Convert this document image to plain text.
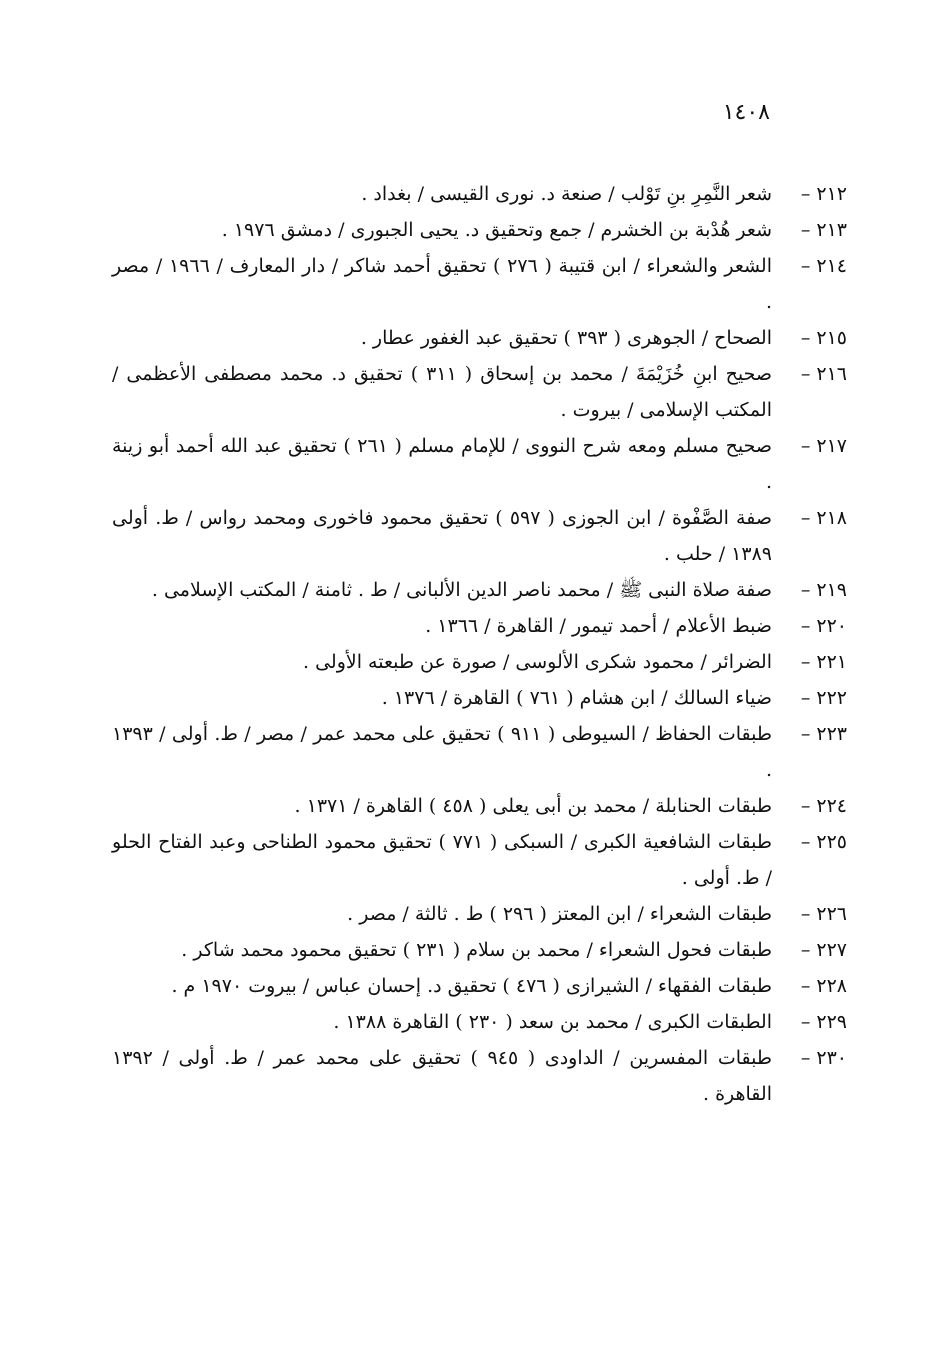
١٤٠٨

٢١٢ –
شعر النَّمِرِ بنِ تَوْلب / صنعة د. نورى القيسى / بغداد .

٢١٣ –
شعر هُدْبة بن الخشرم / جمع وتحقيق د. يحيى الجبورى / دمشق ١٩٧٦ .

٢١٤ –
الشعر والشعراء / ابن قتيبة ( ٢٧٦ ) تحقيق أحمد شاكر / دار المعارف / ١٩٦٦ / مصر .

٢١٥ –
الصحاح / الجوهرى ( ٣٩٣ ) تحقيق عبد الغفور عطار .

٢١٦ –
صحيح ابنِ خُزَيْمَةَ / محمد بن إسحاق ( ٣١١ ) تحقيق د. محمد مصطفى الأعظمى / المكتب الإسلامى / بيروت .

٢١٧ –
صحيح مسلم ومعه شرح النووى / للإمام مسلم ( ٢٦١ ) تحقيق عبد الله أحمد أبو زينة .

٢١٨ –
صفة الصَّفْوة / ابن الجوزى ( ٥٩٧ ) تحقيق محمود فاخورى ومحمد رواس / ط. أولى ١٣٨٩ / حلب .

٢١٩ –
صفة صلاة النبى ﷺ / محمد ناصر الدين الألبانى / ط . ثامنة / المكتب الإسلامى .

٢٢٠ –
ضبط الأعلام / أحمد تيمور / القاهرة / ١٣٦٦ .

٢٢١ –
الضرائر / محمود شكرى الألوسى / صورة عن طبعته الأولى .

٢٢٢ –
ضياء السالك / ابن هشام ( ٧٦١ ) القاهرة / ١٣٧٦ .

٢٢٣ –
طبقات الحفاظ / السيوطى ( ٩١١ ) تحقيق على محمد عمر / مصر / ط. أولى / ١٣٩٣ .

٢٢٤ –
طبقات الحنابلة / محمد بن أبى يعلى ( ٤٥٨ ) القاهرة / ١٣٧١ .

٢٢٥ –
طبقات الشافعية الكبرى / السبكى ( ٧٧١ ) تحقيق محمود الطناحى وعبد الفتاح الحلو / ط. أولى .

٢٢٦ –
طبقات الشعراء / ابن المعتز ( ٢٩٦ ) ط . ثالثة / مصر .

٢٢٧ –
طبقات فحول الشعراء / محمد بن سلام ( ٢٣١ ) تحقيق محمود محمد شاكر .

٢٢٨ –
طبقات الفقهاء / الشيرازى ( ٤٧٦ ) تحقيق د. إحسان عباس / بيروت ١٩٧٠ م .

٢٢٩ –
الطبقات الكبرى / محمد بن سعد ( ٢٣٠ ) القاهرة ١٣٨٨ .

٢٣٠ –
طبقات المفسرين / الداودى ( ٩٤٥ ) تحقيق على محمد عمر / ط. أولى / ١٣٩٢ القاهرة .
